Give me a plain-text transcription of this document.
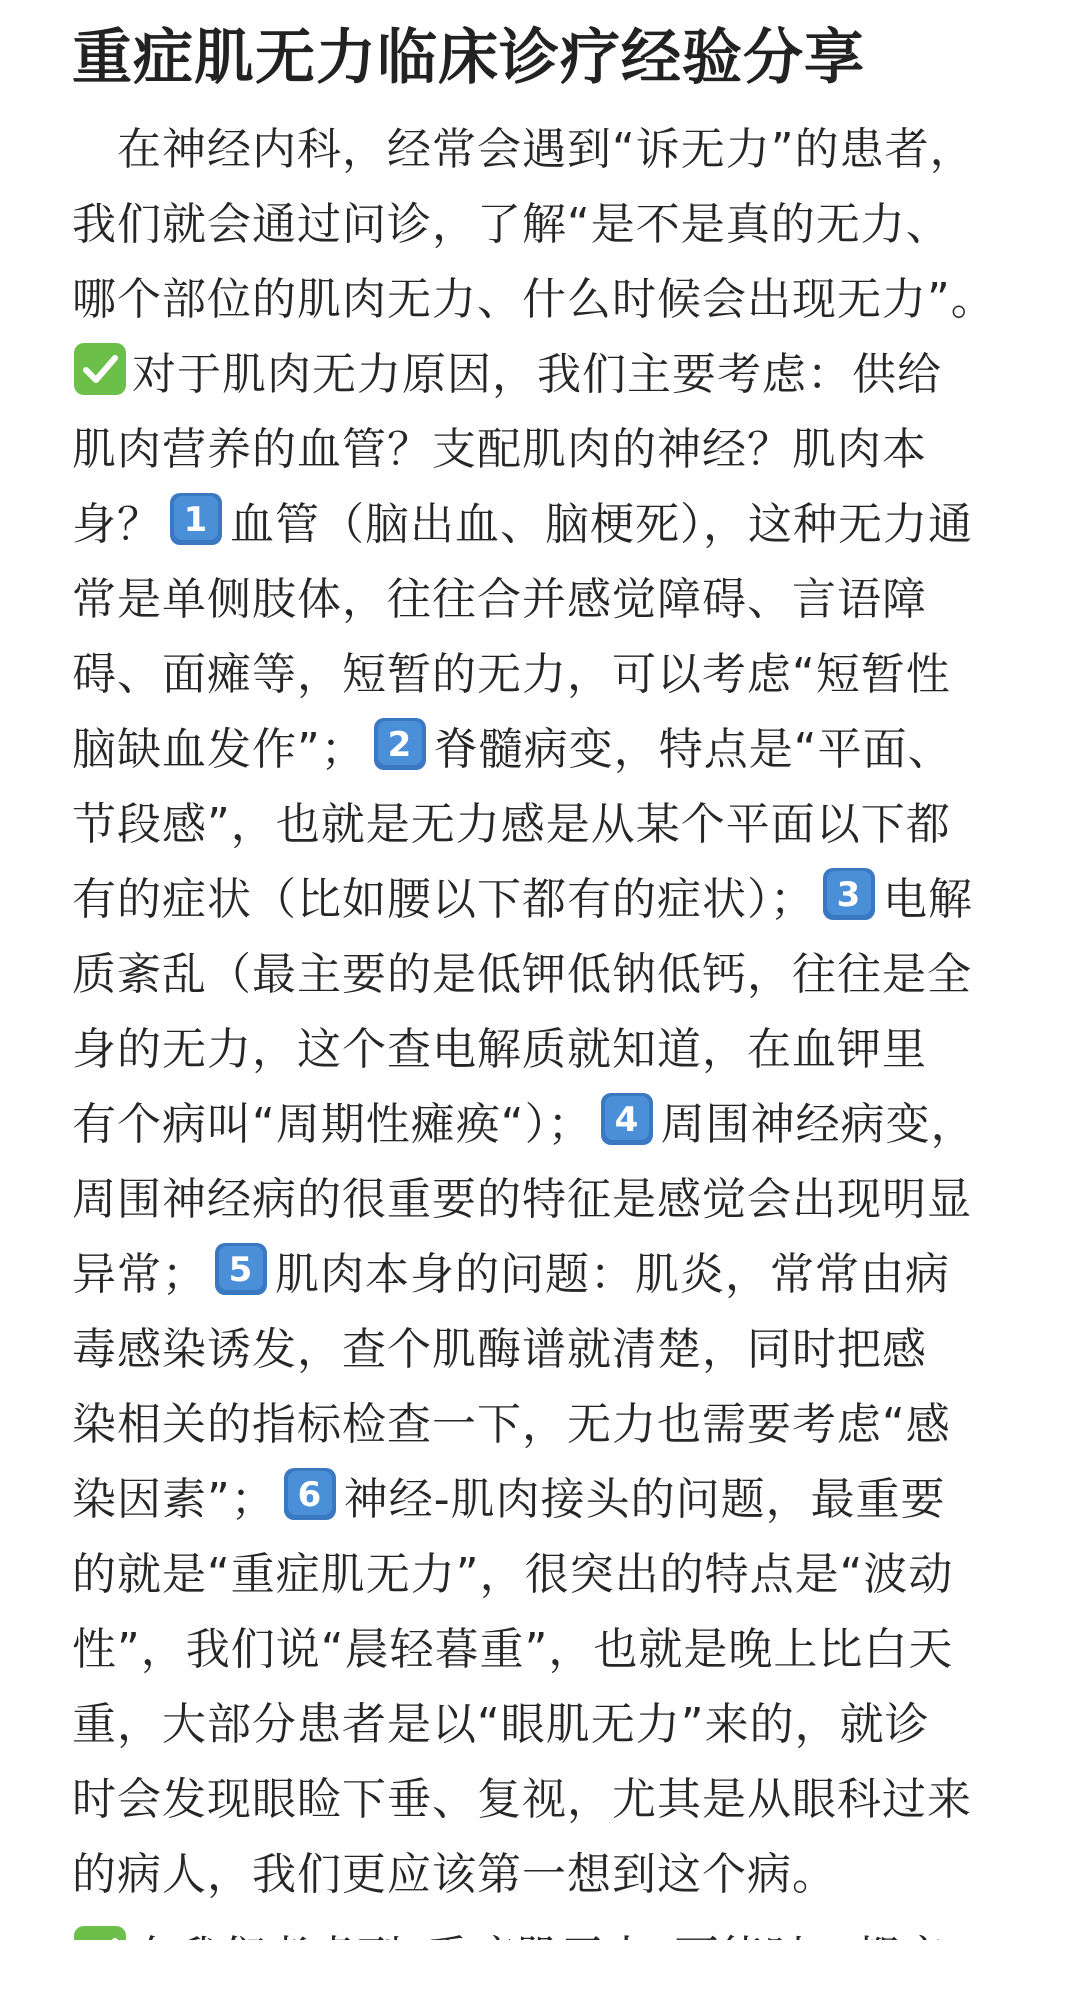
重症肌无力临床诊疗经验分享
　在神经内科，经常会遇到“诉无力”的患者，
我们就会通过问诊，了解“是不是真的无力、
哪个部位的肌肉无力、什么时候会出现无力”。
对于肌肉无力原因，我们主要考虑：供给
肌肉营养的血管？支配肌肉的神经？肌肉本
身？ 1 血管（脑出血、脑梗死），这种无力通
常是单侧肢体，往往合并感觉障碍、言语障
碍、面瘫等，短暂的无力，可以考虑“短暂性
脑缺血发作”； 2 脊髓病变，特点是“平面、
节段感”，也就是无力感是从某个平面以下都
有的症状（比如腰以下都有的症状）； 3 电解
质紊乱（最主要的是低钾低钠低钙，往往是全
身的无力，这个查电解质就知道，在血钾里
有个病叫“周期性瘫痪“）； 4 周围神经病变，
周围神经病的很重要的特征是感觉会出现明显
异常； 5 肌肉本身的问题：肌炎，常常由病
毒感染诱发，查个肌酶谱就清楚，同时把感
染相关的指标检查一下，无力也需要考虑“感
染因素”； 6 神经-肌肉接头的问题，最重要
的就是“重症肌无力”，很突出的特点是“波动
性”，我们说“晨轻暮重”，也就是晚上比白天
重，大部分患者是以“眼肌无力”来的，就诊
时会发现眼睑下垂、复视，尤其是从眼科过来
的病人，我们更应该第一想到这个病。
